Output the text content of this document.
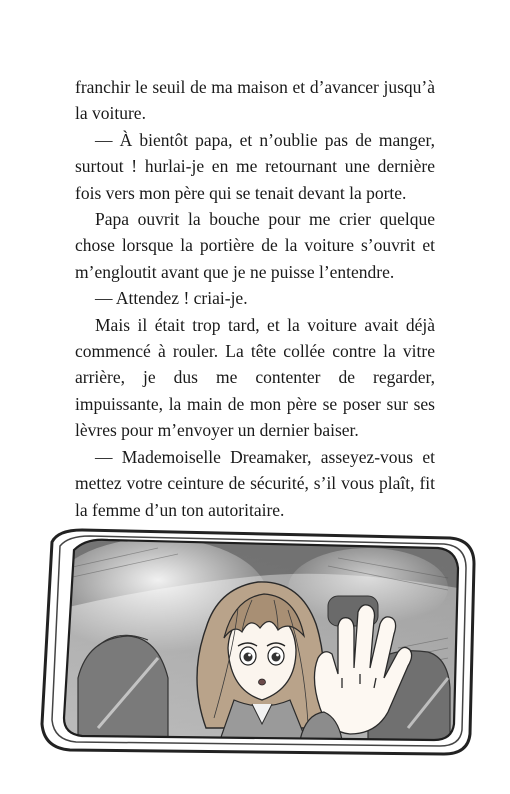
franchir le seuil de ma maison et d’avancer jusqu’à la voiture.

— À bientôt papa, et n’oublie pas de manger, surtout ! hurlai-je en me retournant une dernière fois vers mon père qui se tenait devant la porte.

Papa ouvrit la bouche pour me crier quelque chose lorsque la portière de la voiture s’ouvrit et m’engloutit avant que je ne puisse l’entendre.

— Attendez ! criai-je.

Mais il était trop tard, et la voiture avait déjà commencé à rouler. La tête collée contre la vitre arrière, je dus me contenter de regarder, impuissante, la main de mon père se poser sur ses lèvres pour m’envoyer un dernier baiser.

— Mademoiselle Dreamaker, asseyez-vous et mettez votre ceinture de sécurité, s’il vous plaît, fit la femme d’un ton autoritaire.
